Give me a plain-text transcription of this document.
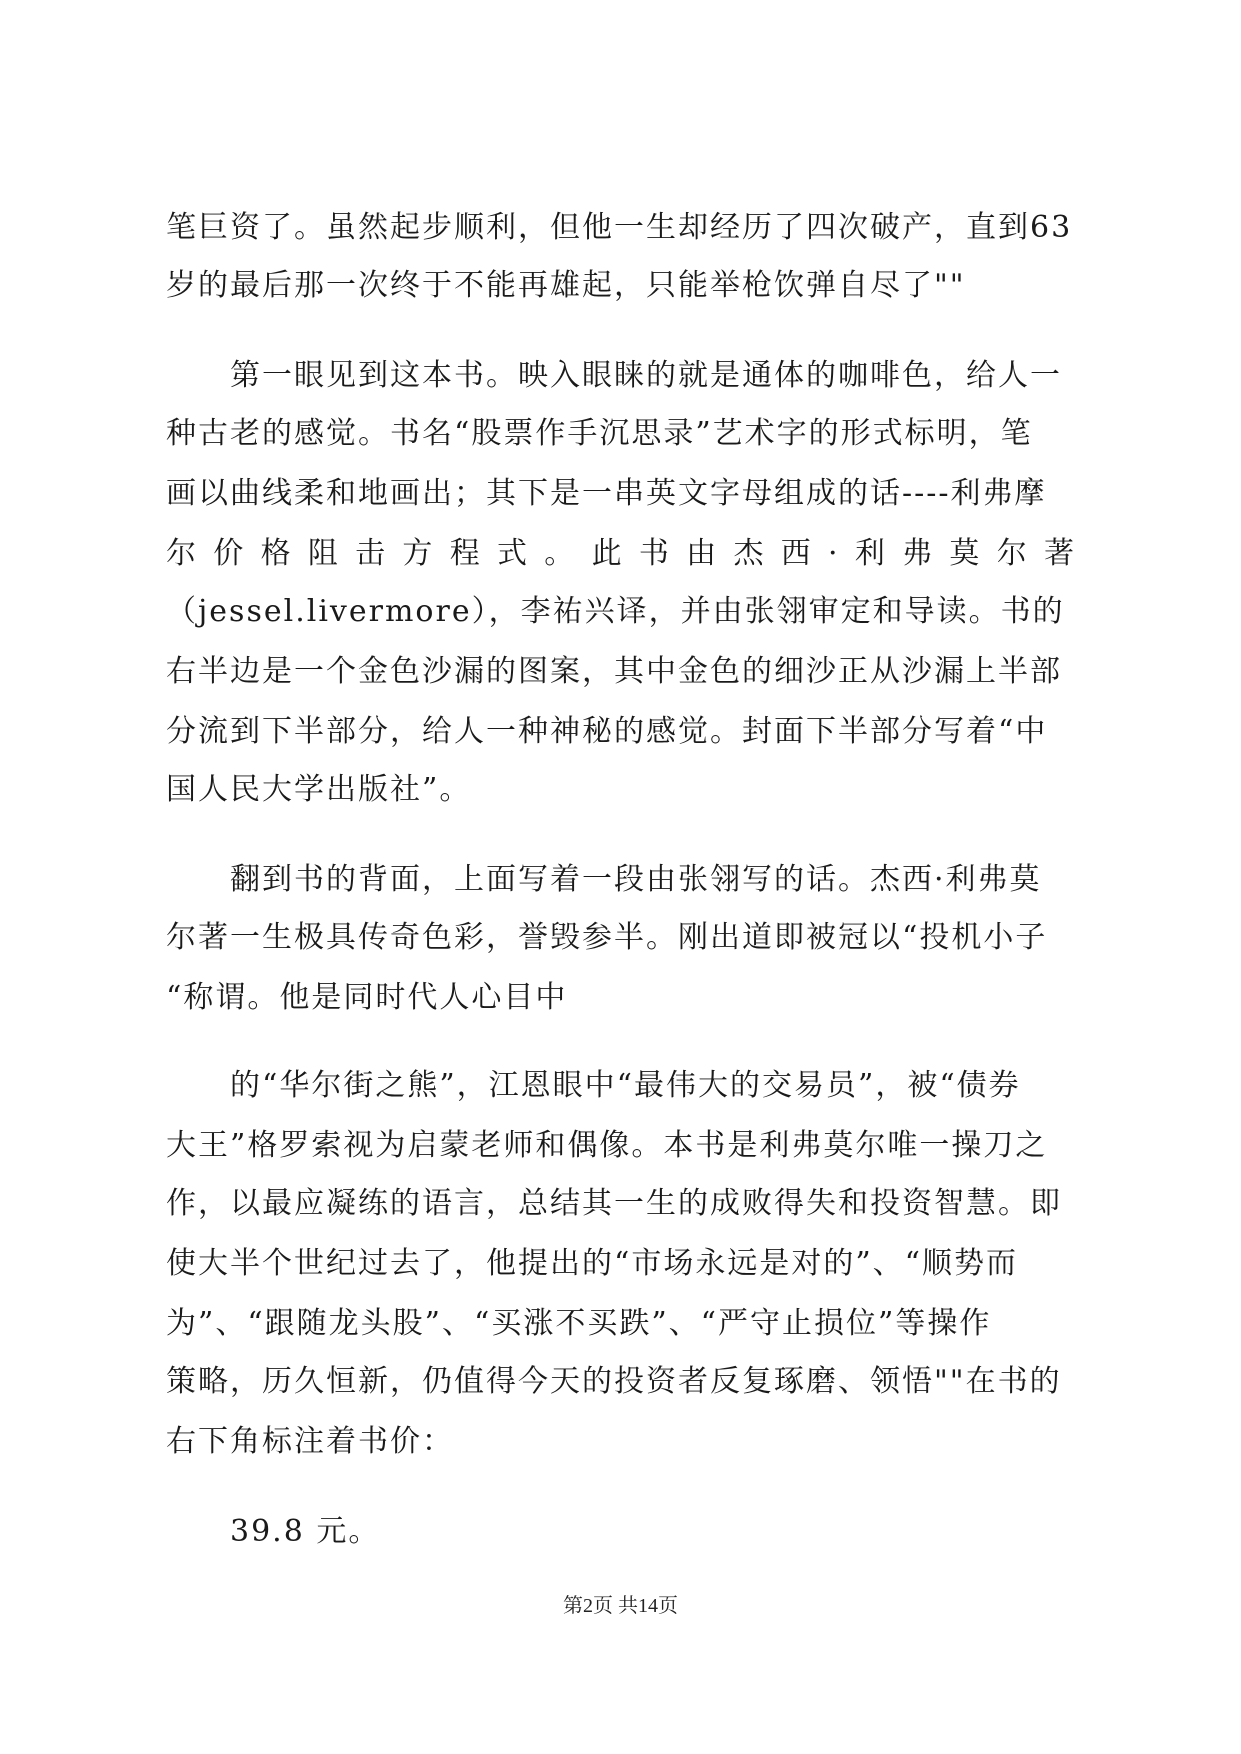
笔巨资了。虽然起步顺利，但他一生却经历了四次破产，直到63
岁的最后那一次终于不能再雄起，只能举枪饮弹自尽了""
第一眼见到这本书。映入眼睐的就是通体的咖啡色，给人一
种古老的感觉。书名“股票作手沉思录”艺术字的形式标明，笔
画以曲线柔和地画出；其下是一串英文字母组成的话----利弗摩
尔价格阻击方程式。此书由杰西·利弗莫尔著
（jessel.livermore），李祐兴译，并由张翎审定和导读。书的
右半边是一个金色沙漏的图案，其中金色的细沙正从沙漏上半部
分流到下半部分，给人一种神秘的感觉。封面下半部分写着“中
国人民大学出版社”。
翻到书的背面，上面写着一段由张翎写的话。杰西·利弗莫
尔著一生极具传奇色彩，誉毁参半。刚出道即被冠以“投机小子
“称谓。他是同时代人心目中
的“华尔街之熊”，江恩眼中“最伟大的交易员”，被“债券
大王”格罗索视为启蒙老师和偶像。本书是利弗莫尔唯一操刀之
作，以最应凝练的语言，总结其一生的成败得失和投资智慧。即
使大半个世纪过去了，他提出的“市场永远是对的”、“顺势而
为”、“跟随龙头股”、“买涨不买跌”、“严守止损位”等操作
策略，历久恒新，仍值得今天的投资者反复琢磨、领悟""在书的
右下角标注着书价：
39.8 元。
第2页 共14页
